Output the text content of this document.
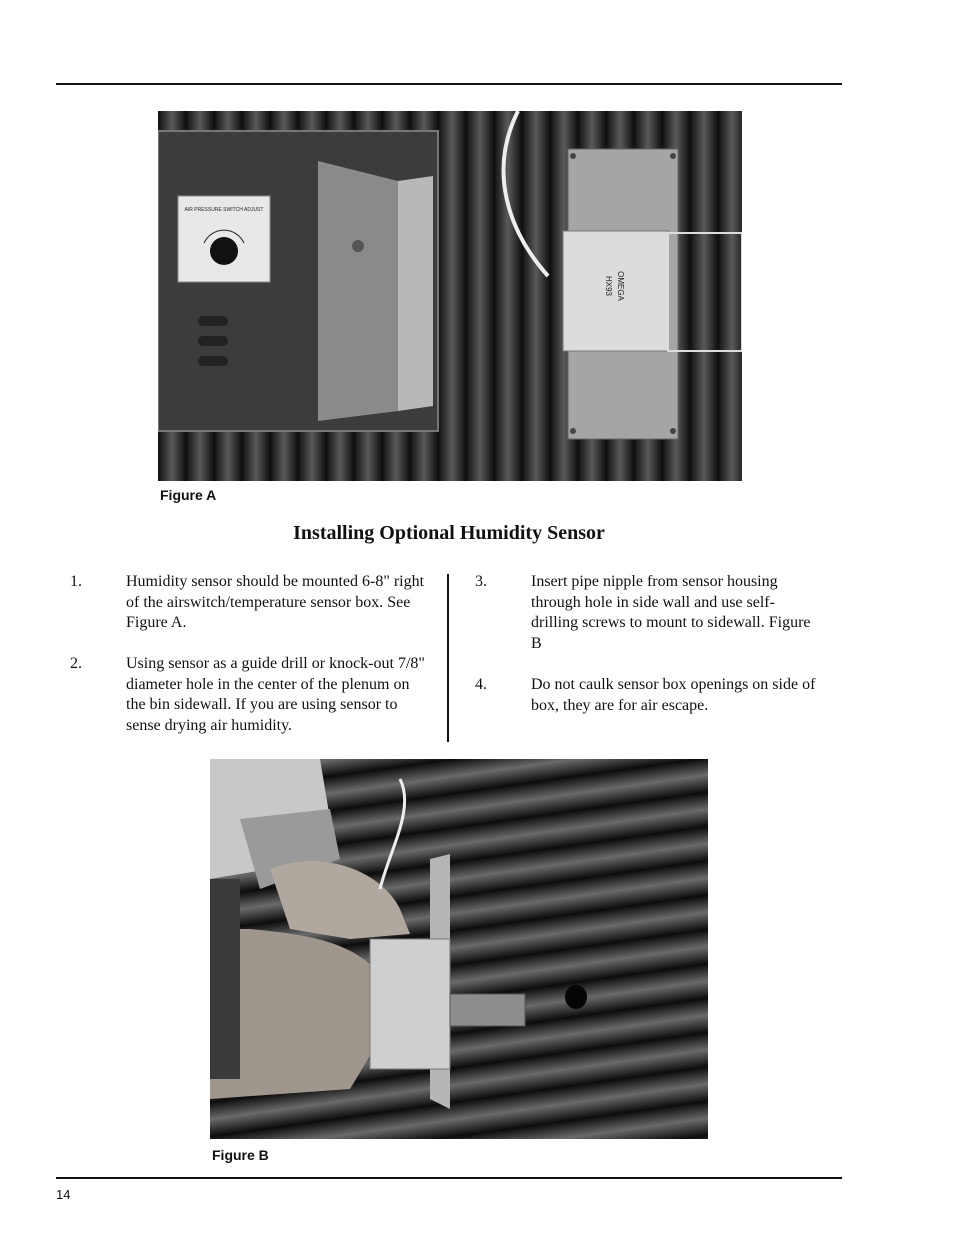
AIR PRESSURE SWITCH ADJUST
OMEGA
HX93
Figure A
Installing Optional Humidity Sensor
1.	Humidity sensor should be mounted 6-8" right of the airswitch/temperature sensor box. See Figure A.
2.	Using sensor as a guide drill or knock-out 7/8" diameter hole in the center of the plenum on the bin sidewall. If you are using sensor to sense drying air humidity.
3.	Insert pipe nipple from sensor housing through hole in side wall and use self-drilling screws to mount to sidewall. Figure B
4.	Do not caulk sensor box openings on side of box, they are for air escape.
Figure B
14
